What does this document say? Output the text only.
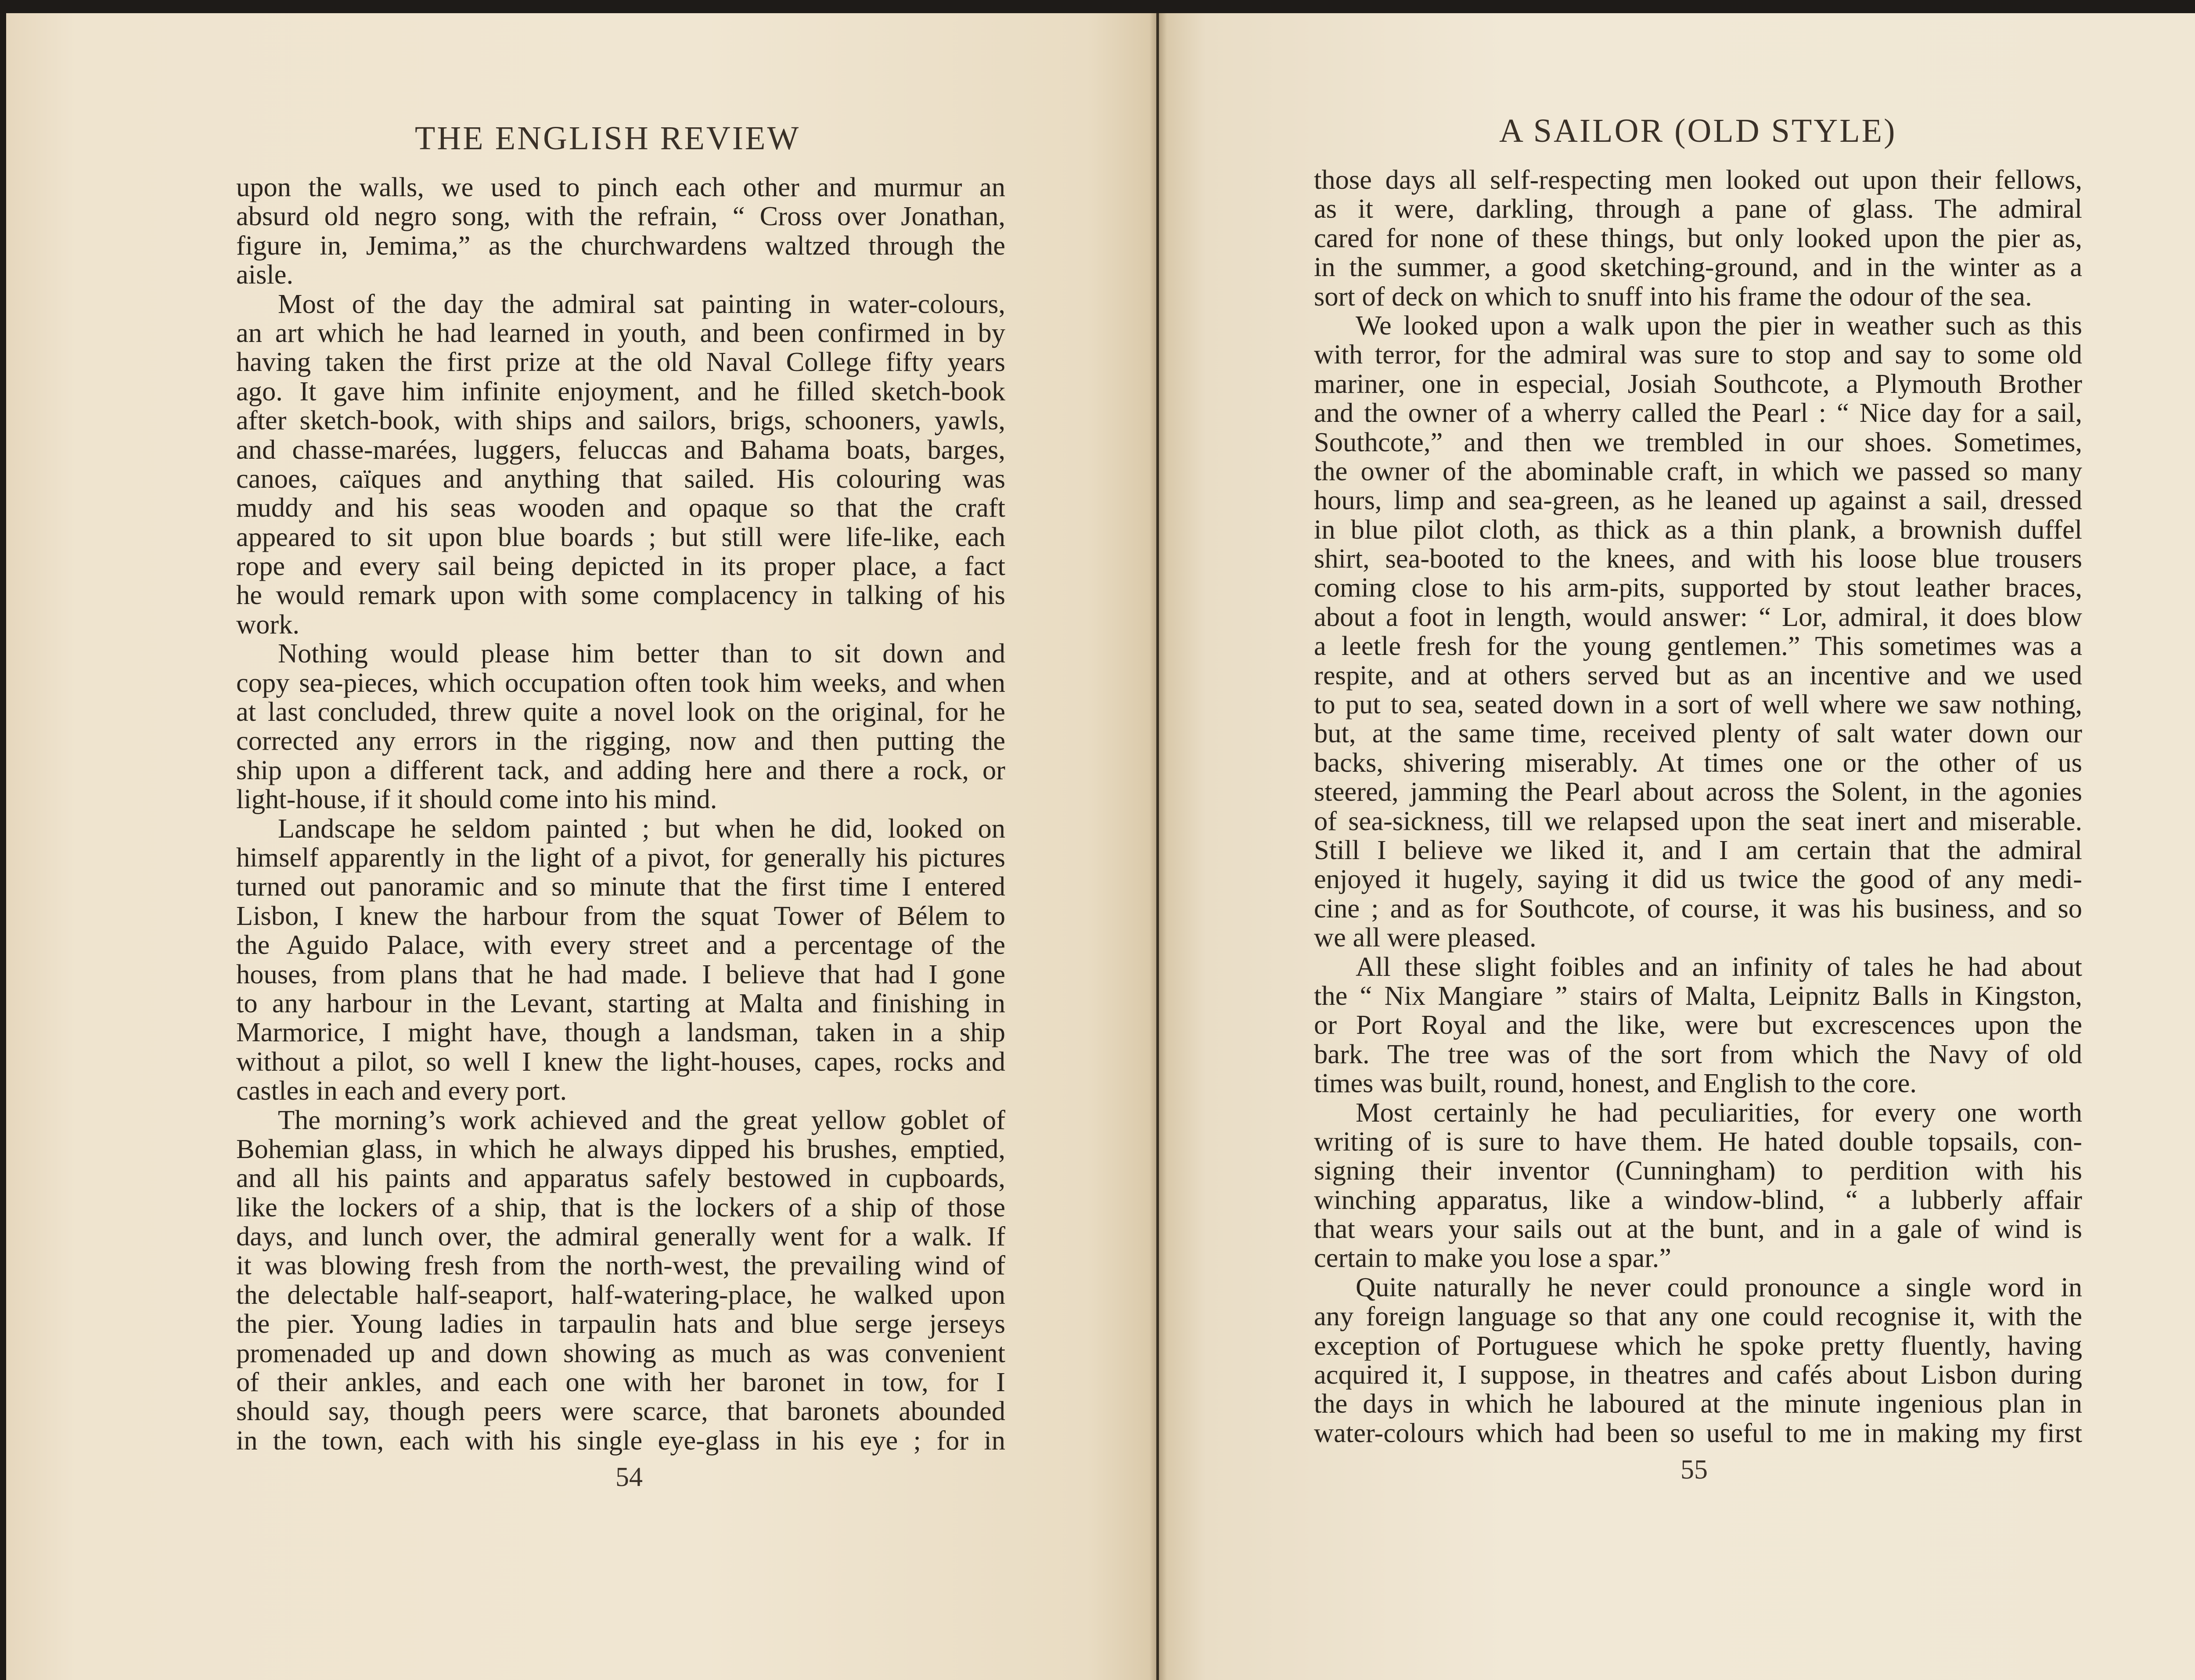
THE ENGLISH REVIEW	A SAILOR (OLD STYLE)
upon the walls, we used to pinch each other and murmur an
absurd old negro song, with the refrain, “ Cross over Jonathan,
figure in, Jemima,” as the churchwardens waltzed through the
aisle.
Most of the day the admiral sat painting in water-colours,
an art which he had learned in youth, and been confirmed in by
having taken the first prize at the old Naval College fifty years
ago. It gave him infinite enjoyment, and he filled sketch-book
after sketch-book, with ships and sailors, brigs, schooners, yawls,
and chasse-marées, luggers, feluccas and Bahama boats, barges,
canoes, caïques and anything that sailed. His colouring was
muddy and his seas wooden and opaque so that the craft
appeared to sit upon blue boards ; but still were life-like, each
rope and every sail being depicted in its proper place, a fact
he would remark upon with some complacency in talking of his
work.
Nothing would please him better than to sit down and
copy sea-pieces, which occupation often took him weeks, and when
at last concluded, threw quite a novel look on the original, for he
corrected any errors in the rigging, now and then putting the
ship upon a different tack, and adding here and there a rock, or
light-house, if it should come into his mind.
Landscape he seldom painted ; but when he did, looked on
himself apparently in the light of a pivot, for generally his pictures
turned out panoramic and so minute that the first time I entered
Lisbon, I knew the harbour from the squat Tower of Bélem to
the Aguido Palace, with every street and a percentage of the
houses, from plans that he had made. I believe that had I gone
to any harbour in the Levant, starting at Malta and finishing in
Marmorice, I might have, though a landsman, taken in a ship
without a pilot, so well I knew the light-houses, capes, rocks and
castles in each and every port.
The morning’s work achieved and the great yellow goblet of
Bohemian glass, in which he always dipped his brushes, emptied,
and all his paints and apparatus safely bestowed in cupboards,
like the lockers of a ship, that is the lockers of a ship of those
days, and lunch over, the admiral generally went for a walk. If
it was blowing fresh from the north-west, the prevailing wind of
the delectable half-seaport, half-watering-place, he walked upon
the pier. Young ladies in tarpaulin hats and blue serge jerseys
promenaded up and down showing as much as was convenient
of their ankles, and each one with her baronet in tow, for I
should say, though peers were scarce, that baronets abounded
in the town, each with his single eye-glass in his eye ; for in
those days all self-respecting men looked out upon their fellows,
as it were, darkling, through a pane of glass. The admiral
cared for none of these things, but only looked upon the pier as,
in the summer, a good sketching-ground, and in the winter as a
sort of deck on which to snuff into his frame the odour of the sea.
We looked upon a walk upon the pier in weather such as this
with terror, for the admiral was sure to stop and say to some old
mariner, one in especial, Josiah Southcote, a Plymouth Brother
and the owner of a wherry called the Pearl : “ Nice day for a sail,
Southcote,” and then we trembled in our shoes. Sometimes,
the owner of the abominable craft, in which we passed so many
hours, limp and sea-green, as he leaned up against a sail, dressed
in blue pilot cloth, as thick as a thin plank, a brownish duffel
shirt, sea-booted to the knees, and with his loose blue trousers
coming close to his arm-pits, supported by stout leather braces,
about a foot in length, would answer: “ Lor, admiral, it does blow
a leetle fresh for the young gentlemen.” This sometimes was a
respite, and at others served but as an incentive and we used
to put to sea, seated down in a sort of well where we saw nothing,
but, at the same time, received plenty of salt water down our
backs, shivering miserably. At times one or the other of us
steered, jamming the Pearl about across the Solent, in the agonies
of sea-sickness, till we relapsed upon the seat inert and miserable.
Still I believe we liked it, and I am certain that the admiral
enjoyed it hugely, saying it did us twice the good of any medi-
cine ; and as for Southcote, of course, it was his business, and so
we all were pleased.
All these slight foibles and an infinity of tales he had about
the “ Nix Mangiare ” stairs of Malta, Leipnitz Balls in Kingston,
or Port Royal and the like, were but excrescences upon the
bark. The tree was of the sort from which the Navy of old
times was built, round, honest, and English to the core.
Most certainly he had peculiarities, for every one worth
writing of is sure to have them. He hated double topsails, con-
signing their inventor (Cunningham) to perdition with his
winching apparatus, like a window-blind, “ a lubberly affair
that wears your sails out at the bunt, and in a gale of wind is
certain to make you lose a spar.”
Quite naturally he never could pronounce a single word in
any foreign language so that any one could recognise it, with the
exception of Portuguese which he spoke pretty fluently, having
acquired it, I suppose, in theatres and cafés about Lisbon during
the days in which he laboured at the minute ingenious plan in
water-colours which had been so useful to me in making my first
54	55
